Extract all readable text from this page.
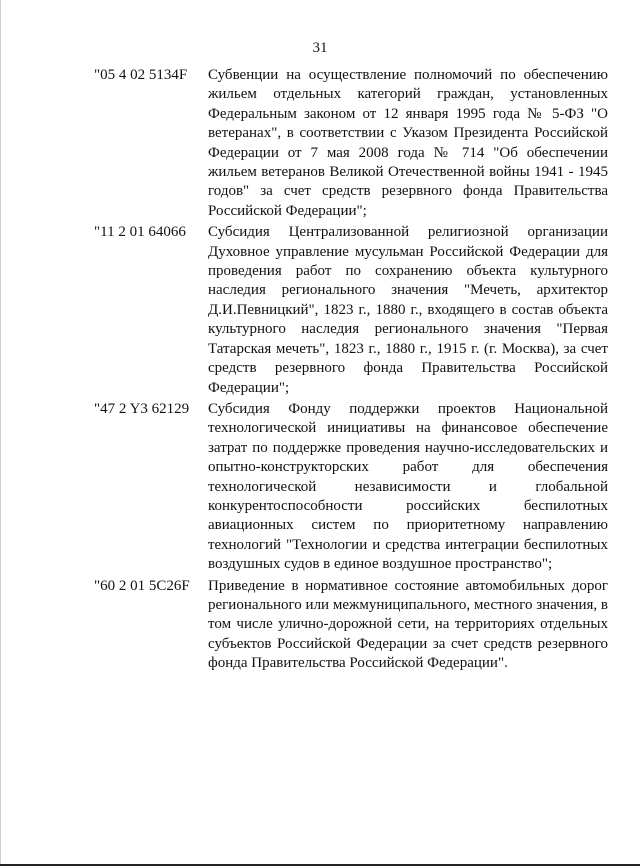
31
"05 4 02 5134F	Субвенции на осуществление полномочий по обеспечению жильем отдельных категорий граждан, установленных Федеральным законом от 12 января 1995 года № 5-ФЗ "О ветеранах", в соответствии с Указом Президента Российской Федерации от 7 мая 2008 года № 714 "Об обеспечении жильем ветеранов Великой Отечественной войны 1941 - 1945 годов" за счет средств резервного фонда Правительства Российской Федерации";
"11 2 01 64066	Субсидия Централизованной религиозной организации Духовное управление мусульман Российской Федерации для проведения работ по сохранению объекта культурного наследия регионального значения "Мечеть, архитектор Д.И.Певницкий", 1823 г., 1880 г., входящего в состав объекта культурного наследия регионального значения "Первая Татарская мечеть", 1823 г., 1880 г., 1915 г. (г. Москва), за счет средств резервного фонда Правительства Российской Федерации";
"47 2 Y3 62129	Субсидия Фонду поддержки проектов Национальной технологической инициативы на финансовое обеспечение затрат по поддержке проведения научно-исследовательских и опытно-конструкторских работ для обеспечения технологической независимости и глобальной конкурентоспособности российских беспилотных авиационных систем по приоритетному направлению технологий "Технологии и средства интеграции беспилотных воздушных судов в единое воздушное пространство";
"60 2 01 5С26F	Приведение в нормативное состояние автомобильных дорог регионального или межмуниципального, местного значения, в том числе улично-дорожной сети, на территориях отдельных субъектов Российской Федерации за счет средств резервного фонда Правительства Российской Федерации".
